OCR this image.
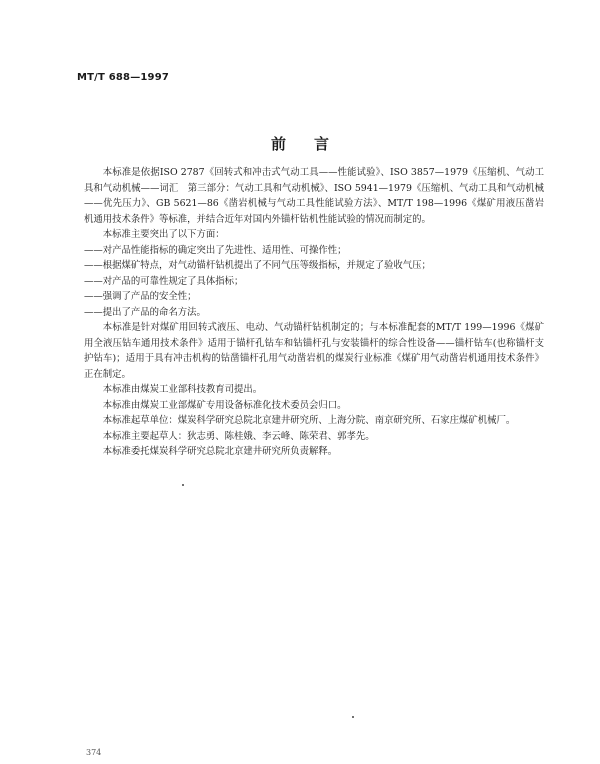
MT/T 688—1997
前言

本标准是依据ISO 2787《回转式和冲击式气动工具——性能试验》、ISO 3857—1979《压缩机、气动工具和气动机械——词汇　第三部分：气动工具和气动机械》、ISO 5941—1979《压缩机、气动工具和气动机械——优先压力》、GB 5621—86《凿岩机械与气动工具性能试验方法》、MT/T 198—1996《煤矿用液压凿岩机通用技术条件》等标准，并结合近年对国内外锚杆钻机性能试验的情况而制定的。

本标准主要突出了以下方面：

——对产品性能指标的确定突出了先进性、适用性、可操作性；

——根据煤矿特点，对气动锚杆钻机提出了不同气压等级指标，并规定了验收气压；

——对产品的可靠性规定了具体指标；

——强调了产品的安全性；

——提出了产品的命名方法。

本标准是针对煤矿用回转式液压、电动、气动锚杆钻机制定的；与本标准配套的MT/T 199—1996《煤矿用全液压钻车通用技术条件》适用于锚杆孔钻车和钻锚杆孔与安装锚杆的综合性设备——锚杆钻车(也称锚杆支护钻车)；适用于具有冲击机构的钻凿锚杆孔用气动凿岩机的煤炭行业标准《煤矿用气动凿岩机通用技术条件》正在制定。

本标准由煤炭工业部科技教育司提出。

本标准由煤炭工业部煤矿专用设备标准化技术委员会归口。

本标准起草单位：煤炭科学研究总院北京建井研究所、上海分院、南京研究所、石家庄煤矿机械厂。

本标准主要起草人：狄志勇、陈桂娥、李云峰、陈荣君、郭孝先。

本标准委托煤炭科学研究总院北京建井研究所负责解释。

374
